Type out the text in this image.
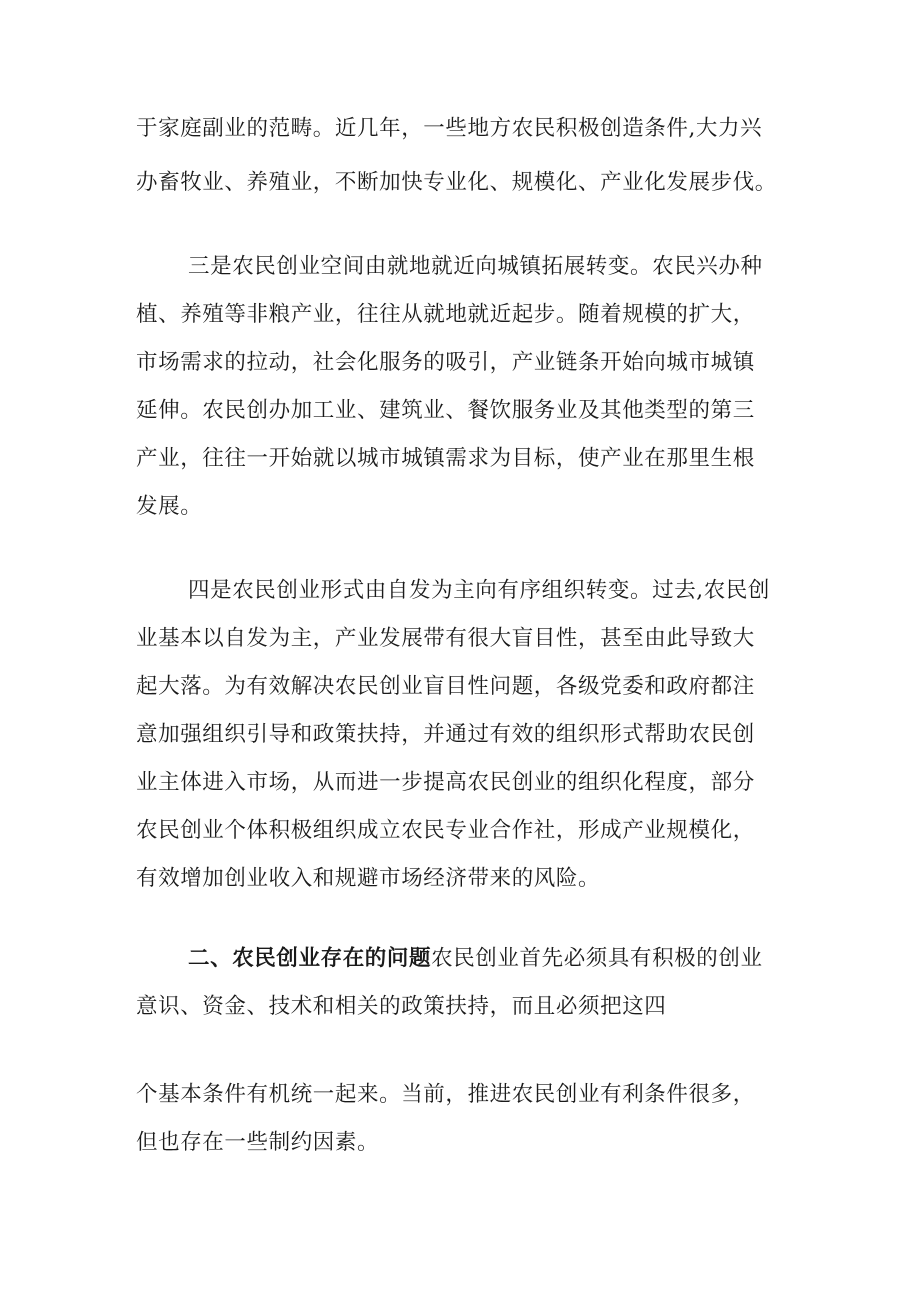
于家庭副业的范畴。近几年，一些地方农民积极创造条件,大力兴
办畜牧业、养殖业，不断加快专业化、规模化、产业化发展步伐。
三是农民创业空间由就地就近向城镇拓展转变。农民兴办种
植、养殖等非粮产业，往往从就地就近起步。随着规模的扩大，
市场需求的拉动，社会化服务的吸引，产业链条开始向城市城镇
延伸。农民创办加工业、建筑业、餐饮服务业及其他类型的第三
产业，往往一开始就以城市城镇需求为目标，使产业在那里生根
发展。
四是农民创业形式由自发为主向有序组织转变。过去,农民创
业基本以自发为主，产业发展带有很大盲目性，甚至由此导致大
起大落。为有效解决农民创业盲目性问题，各级党委和政府都注
意加强组织引导和政策扶持，并通过有效的组织形式帮助农民创
业主体进入市场，从而进一步提高农民创业的组织化程度，部分
农民创业个体积极组织成立农民专业合作社，形成产业规模化，
有效增加创业收入和规避市场经济带来的风险。
二、农民创业存在的问题农民创业首先必须具有积极的创业
意识、资金、技术和相关的政策扶持，而且必须把这四
个基本条件有机统一起来。当前，推进农民创业有利条件很多，
但也存在一些制约因素。
